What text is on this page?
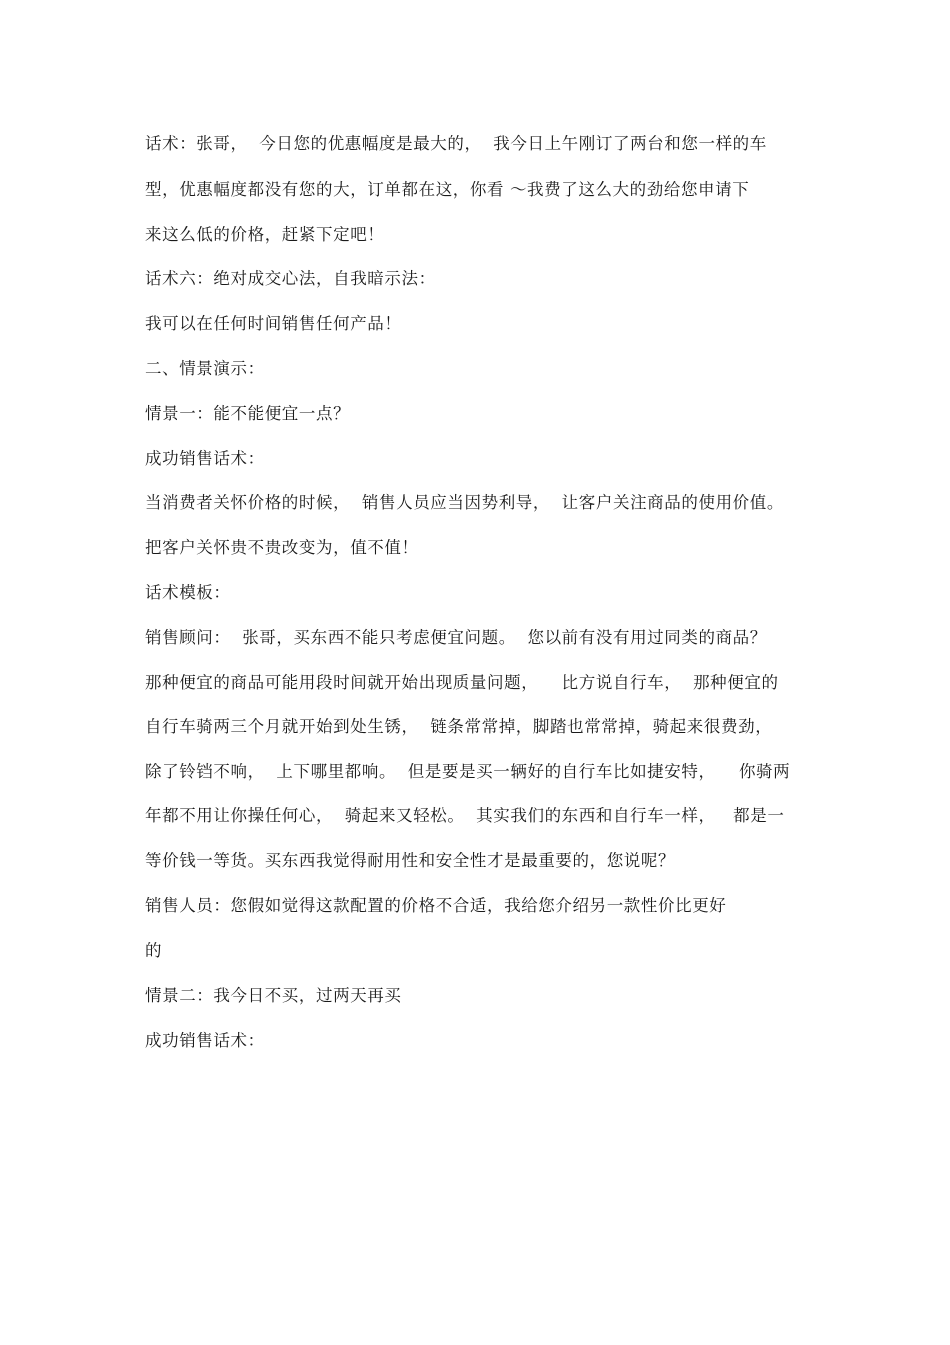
话术：张哥，  今日您的优惠幅度是最大的，  我今日上午刚订了两台和您一样的车
型，优惠幅度都没有您的大，订单都在这，你看 ～我费了这么大的劲给您申请下
来这么低的价格，赶紧下定吧！
话术六：绝对成交心法，自我暗示法：
我可以在任何时间销售任何产品！
二、情景演示：
情景一：能不能便宜一点？
成功销售话术：
当消费者关怀价格的时候，  销售人员应当因势利导，  让客户关注商品的使用价值。
把客户关怀贵不贵改变为，值不值！
话术模板：
销售顾问：  张哥，买东西不能只考虑便宜问题。  您以前有没有用过同类的商品？
那种便宜的商品可能用段时间就开始出现质量问题，    比方说自行车，  那种便宜的
自行车骑两三个月就开始到处生锈，  链条常常掉，脚踏也常常掉，骑起来很费劲，
除了铃铛不响，  上下哪里都响。  但是要是买一辆好的自行车比如捷安特，    你骑两
年都不用让你操任何心，  骑起来又轻松。  其实我们的东西和自行车一样，   都是一
等价钱一等货。买东西我觉得耐用性和安全性才是最重要的，您说呢？
销售人员：您假如觉得这款配置的价格不合适，我给您介绍另一款性价比更好
的
情景二：我今日不买，过两天再买
成功销售话术：
